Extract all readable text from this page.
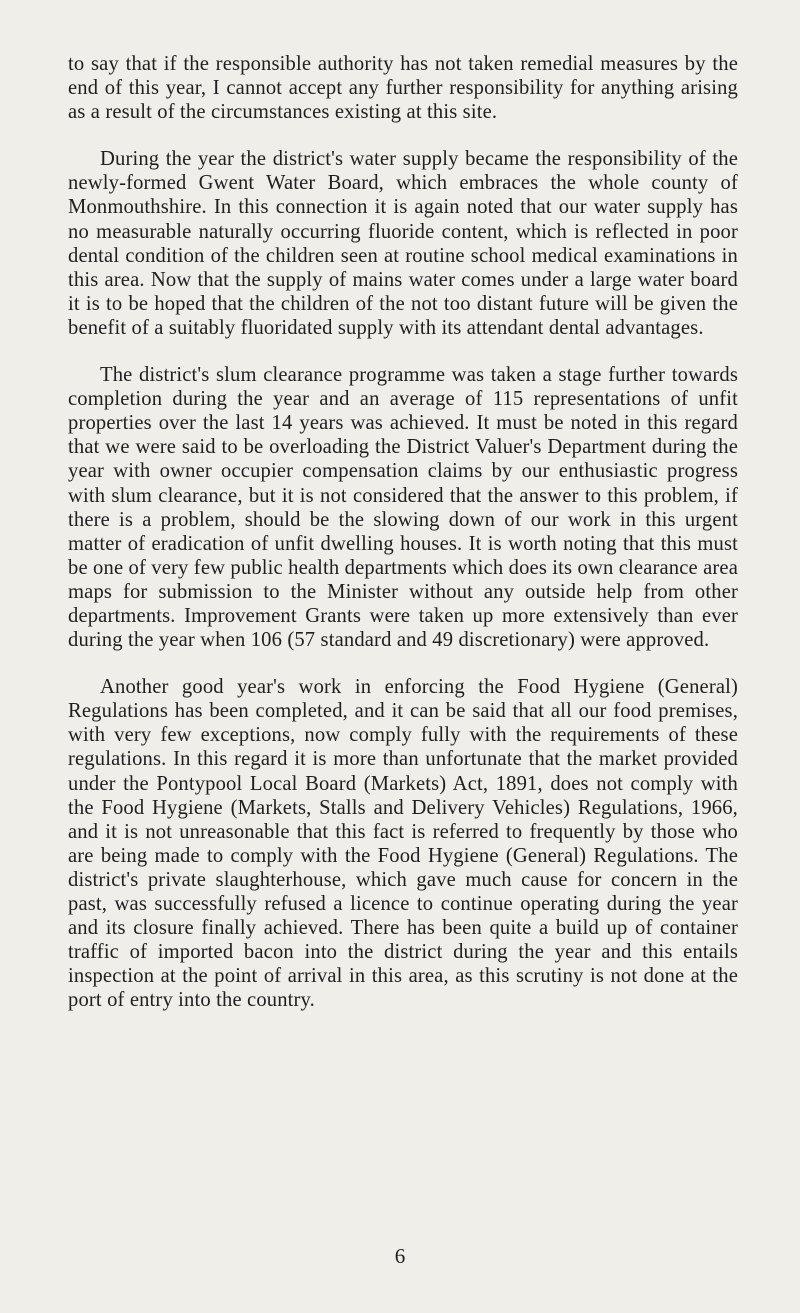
to say that if the responsible authority has not taken remedial measures by the end of this year, I cannot accept any further responsibility for anything arising as a result of the circumstances existing at this site.

During the year the district's water supply became the responsibility of the newly-formed Gwent Water Board, which embraces the whole county of Monmouthshire. In this connection it is again noted that our water supply has no measurable naturally occurring fluoride content, which is reflected in poor dental condition of the children seen at routine school medical examinations in this area. Now that the supply of mains water comes under a large water board it is to be hoped that the children of the not too distant future will be given the benefit of a suitably fluoridated supply with its attendant dental advantages.

The district's slum clearance programme was taken a stage further towards completion during the year and an average of 115 representations of unfit properties over the last 14 years was achieved. It must be noted in this regard that we were said to be overloading the District Valuer's Department during the year with owner occupier compensation claims by our enthusiastic progress with slum clearance, but it is not considered that the answer to this problem, if there is a problem, should be the slowing down of our work in this urgent matter of eradication of unfit dwelling houses. It is worth noting that this must be one of very few public health departments which does its own clearance area maps for submission to the Minister without any outside help from other departments. Improvement Grants were taken up more extensively than ever during the year when 106 (57 standard and 49 discretionary) were approved.

Another good year's work in enforcing the Food Hygiene (General) Regulations has been completed, and it can be said that all our food premises, with very few exceptions, now comply fully with the requirements of these regulations. In this regard it is more than unfortunate that the market provided under the Pontypool Local Board (Markets) Act, 1891, does not comply with the Food Hygiene (Markets, Stalls and Delivery Vehicles) Regulations, 1966, and it is not unreasonable that this fact is referred to frequently by those who are being made to comply with the Food Hygiene (General) Regulations. The district's private slaughterhouse, which gave much cause for concern in the past, was successfully refused a licence to continue operating during the year and its closure finally achieved. There has been quite a build up of container traffic of imported bacon into the district during the year and this entails inspection at the point of arrival in this area, as this scrutiny is not done at the port of entry into the country.

6
